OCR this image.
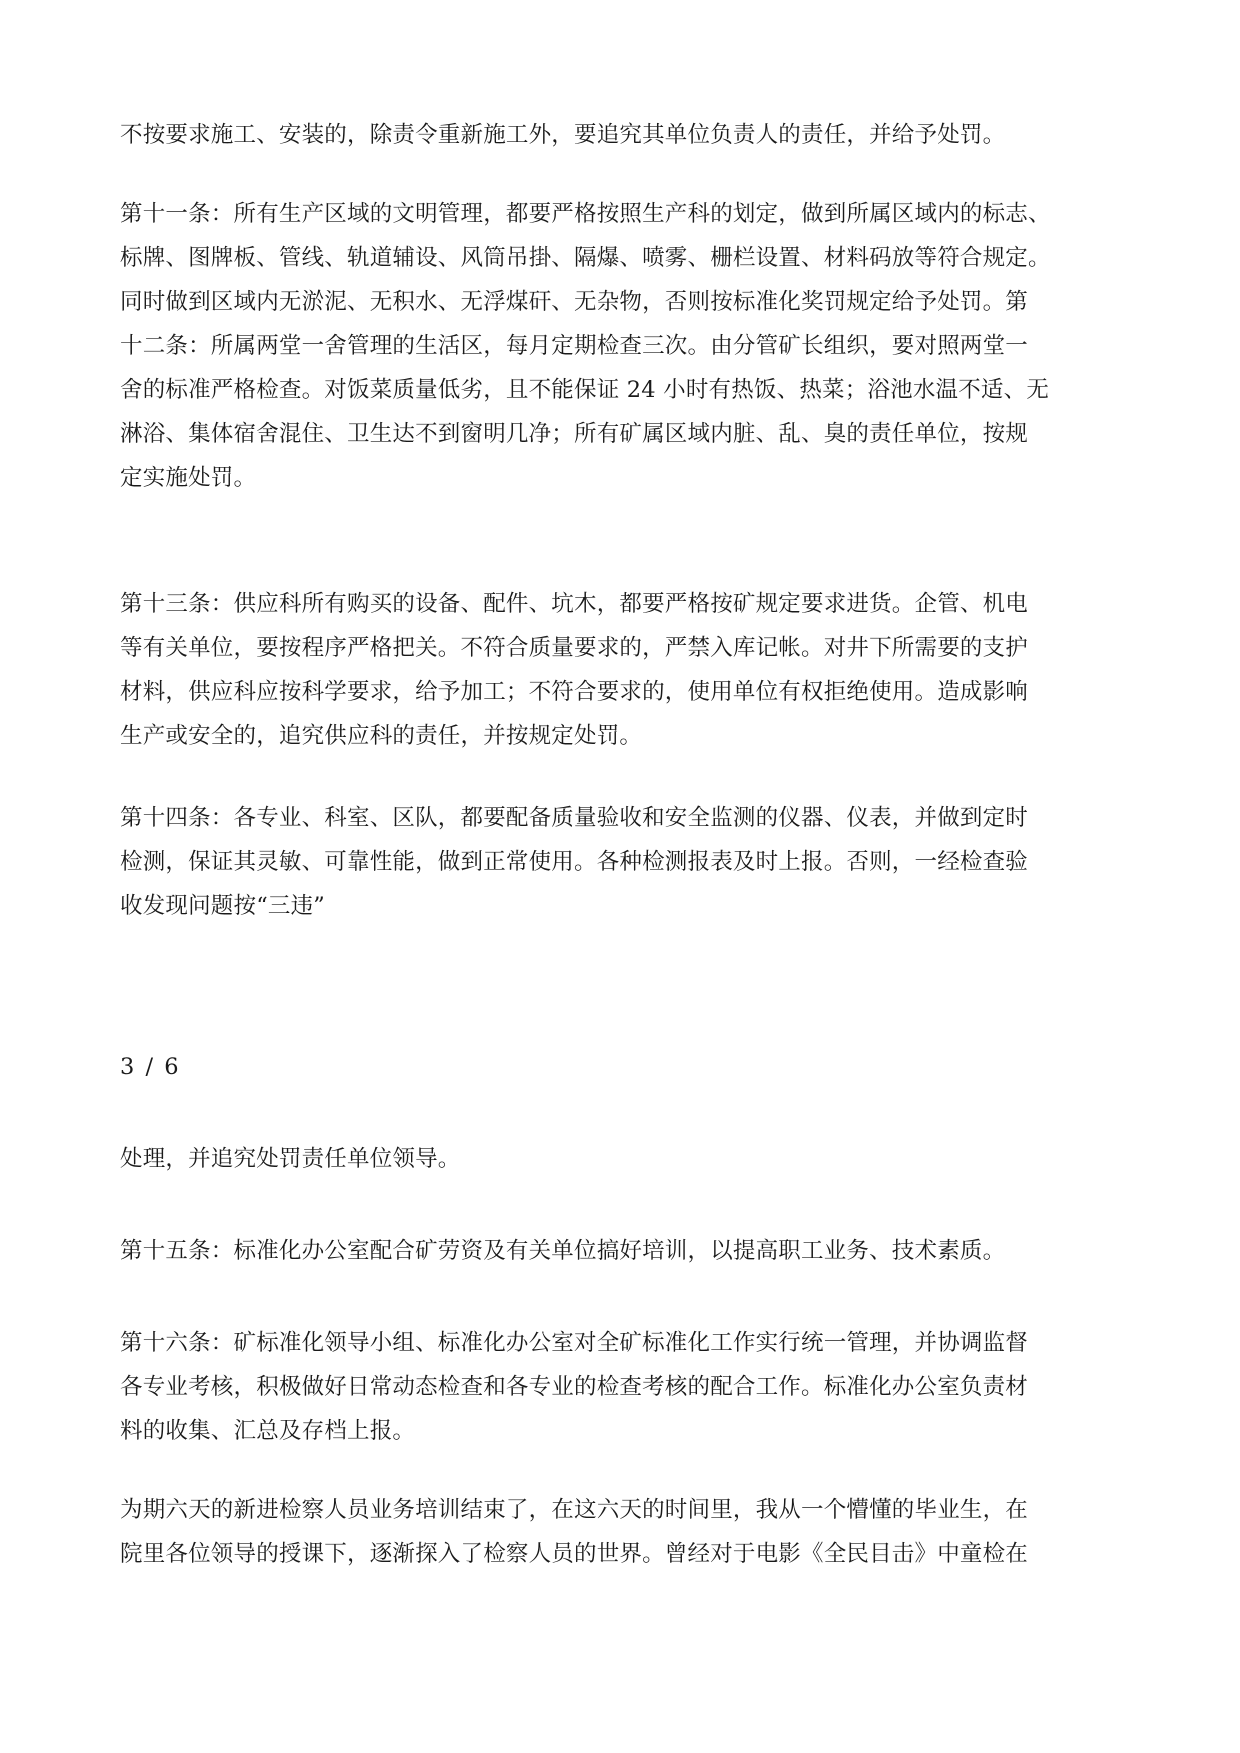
不按要求施工、安装的，除责令重新施工外，要追究其单位负责人的责任，并给予处罚。

第十一条：所有生产区域的文明管理，都要严格按照生产科的划定，做到所属区域内的标志、
标牌、图牌板、管线、轨道辅设、风筒吊掛、隔爆、喷雾、栅栏设置、材料码放等符合规定。
同时做到区域内无淤泥、无积水、无浮煤矸、无杂物，否则按标准化奖罚规定给予处罚。第
十二条：所属两堂一舍管理的生活区，每月定期检查三次。由分管矿长组织，要对照两堂一
舍的标准严格检查。对饭菜质量低劣，且不能保证 24 小时有热饭、热菜；浴池水温不适、无
淋浴、集体宿舍混住、卫生达不到窗明几净；所有矿属区域内脏、乱、臭的责任单位，按规
定实施处罚。

第十三条：供应科所有购买的设备、配件、坑木，都要严格按矿规定要求进货。企管、机电
等有关单位，要按程序严格把关。不符合质量要求的，严禁入库记帐。对井下所需要的支护
材料，供应科应按科学要求，给予加工；不符合要求的，使用单位有权拒绝使用。造成影响
生产或安全的，追究供应科的责任，并按规定处罚。

第十四条：各专业、科室、区队，都要配备质量验收和安全监测的仪器、仪表，并做到定时
检测，保证其灵敏、可靠性能，做到正常使用。各种检测报表及时上报。否则，一经检查验
收发现问题按“三违”

3 / 6

处理，并追究处罚责任单位领导。

第十五条：标准化办公室配合矿劳资及有关单位搞好培训，以提高职工业务、技术素质。

第十六条：矿标准化领导小组、标准化办公室对全矿标准化工作实行统一管理，并协调监督
各专业考核，积极做好日常动态检查和各专业的检查考核的配合工作。标准化办公室负责材
料的收集、汇总及存档上报。

为期六天的新进检察人员业务培训结束了，在这六天的时间里，我从一个懵懂的毕业生，在
院里各位领导的授课下，逐渐探入了检察人员的世界。曾经对于电影《全民目击》中童检在
